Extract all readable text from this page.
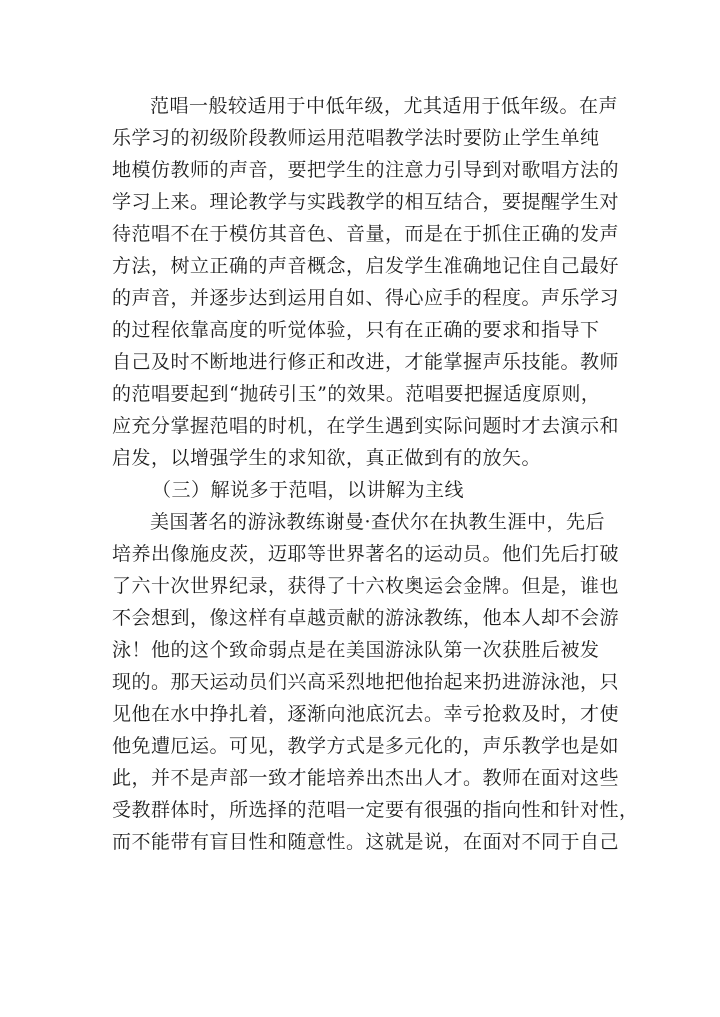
范唱一般较适用于中低年级，尤其适用于低年级。在声
乐学习的初级阶段教师运用范唱教学法时要防止学生单纯
地模仿教师的声音，要把学生的注意力引导到对歌唱方法的
学习上来。理论教学与实践教学的相互结合，要提醒学生对
待范唱不在于模仿其音色、音量，而是在于抓住正确的发声
方法，树立正确的声音概念，启发学生准确地记住自己最好
的声音，并逐步达到运用自如、得心应手的程度。声乐学习
的过程依靠高度的听觉体验，只有在正确的要求和指导下
自己及时不断地进行修正和改进，才能掌握声乐技能。教师
的范唱要起到“抛砖引玉”的效果。范唱要把握适度原则，
应充分掌握范唱的时机，在学生遇到实际问题时才去演示和
启发，以增强学生的求知欲，真正做到有的放矢。
（三）解说多于范唱，以讲解为主线
美国著名的游泳教练谢曼·查伏尔在执教生涯中，先后
培养出像施皮茨，迈耶等世界著名的运动员。他们先后打破
了六十次世界纪录，获得了十六枚奥运会金牌。但是，谁也
不会想到，像这样有卓越贡献的游泳教练，他本人却不会游
泳！他的这个致命弱点是在美国游泳队第一次获胜后被发
现的。那天运动员们兴高采烈地把他抬起来扔进游泳池，只
见他在水中挣扎着，逐渐向池底沉去。幸亏抢救及时，才使
他免遭厄运。可见，教学方式是多元化的，声乐教学也是如
此，并不是声部一致才能培养出杰出人才。教师在面对这些
受教群体时，所选择的范唱一定要有很强的指向性和针对性，
而不能带有盲目性和随意性。这就是说，在面对不同于自己
